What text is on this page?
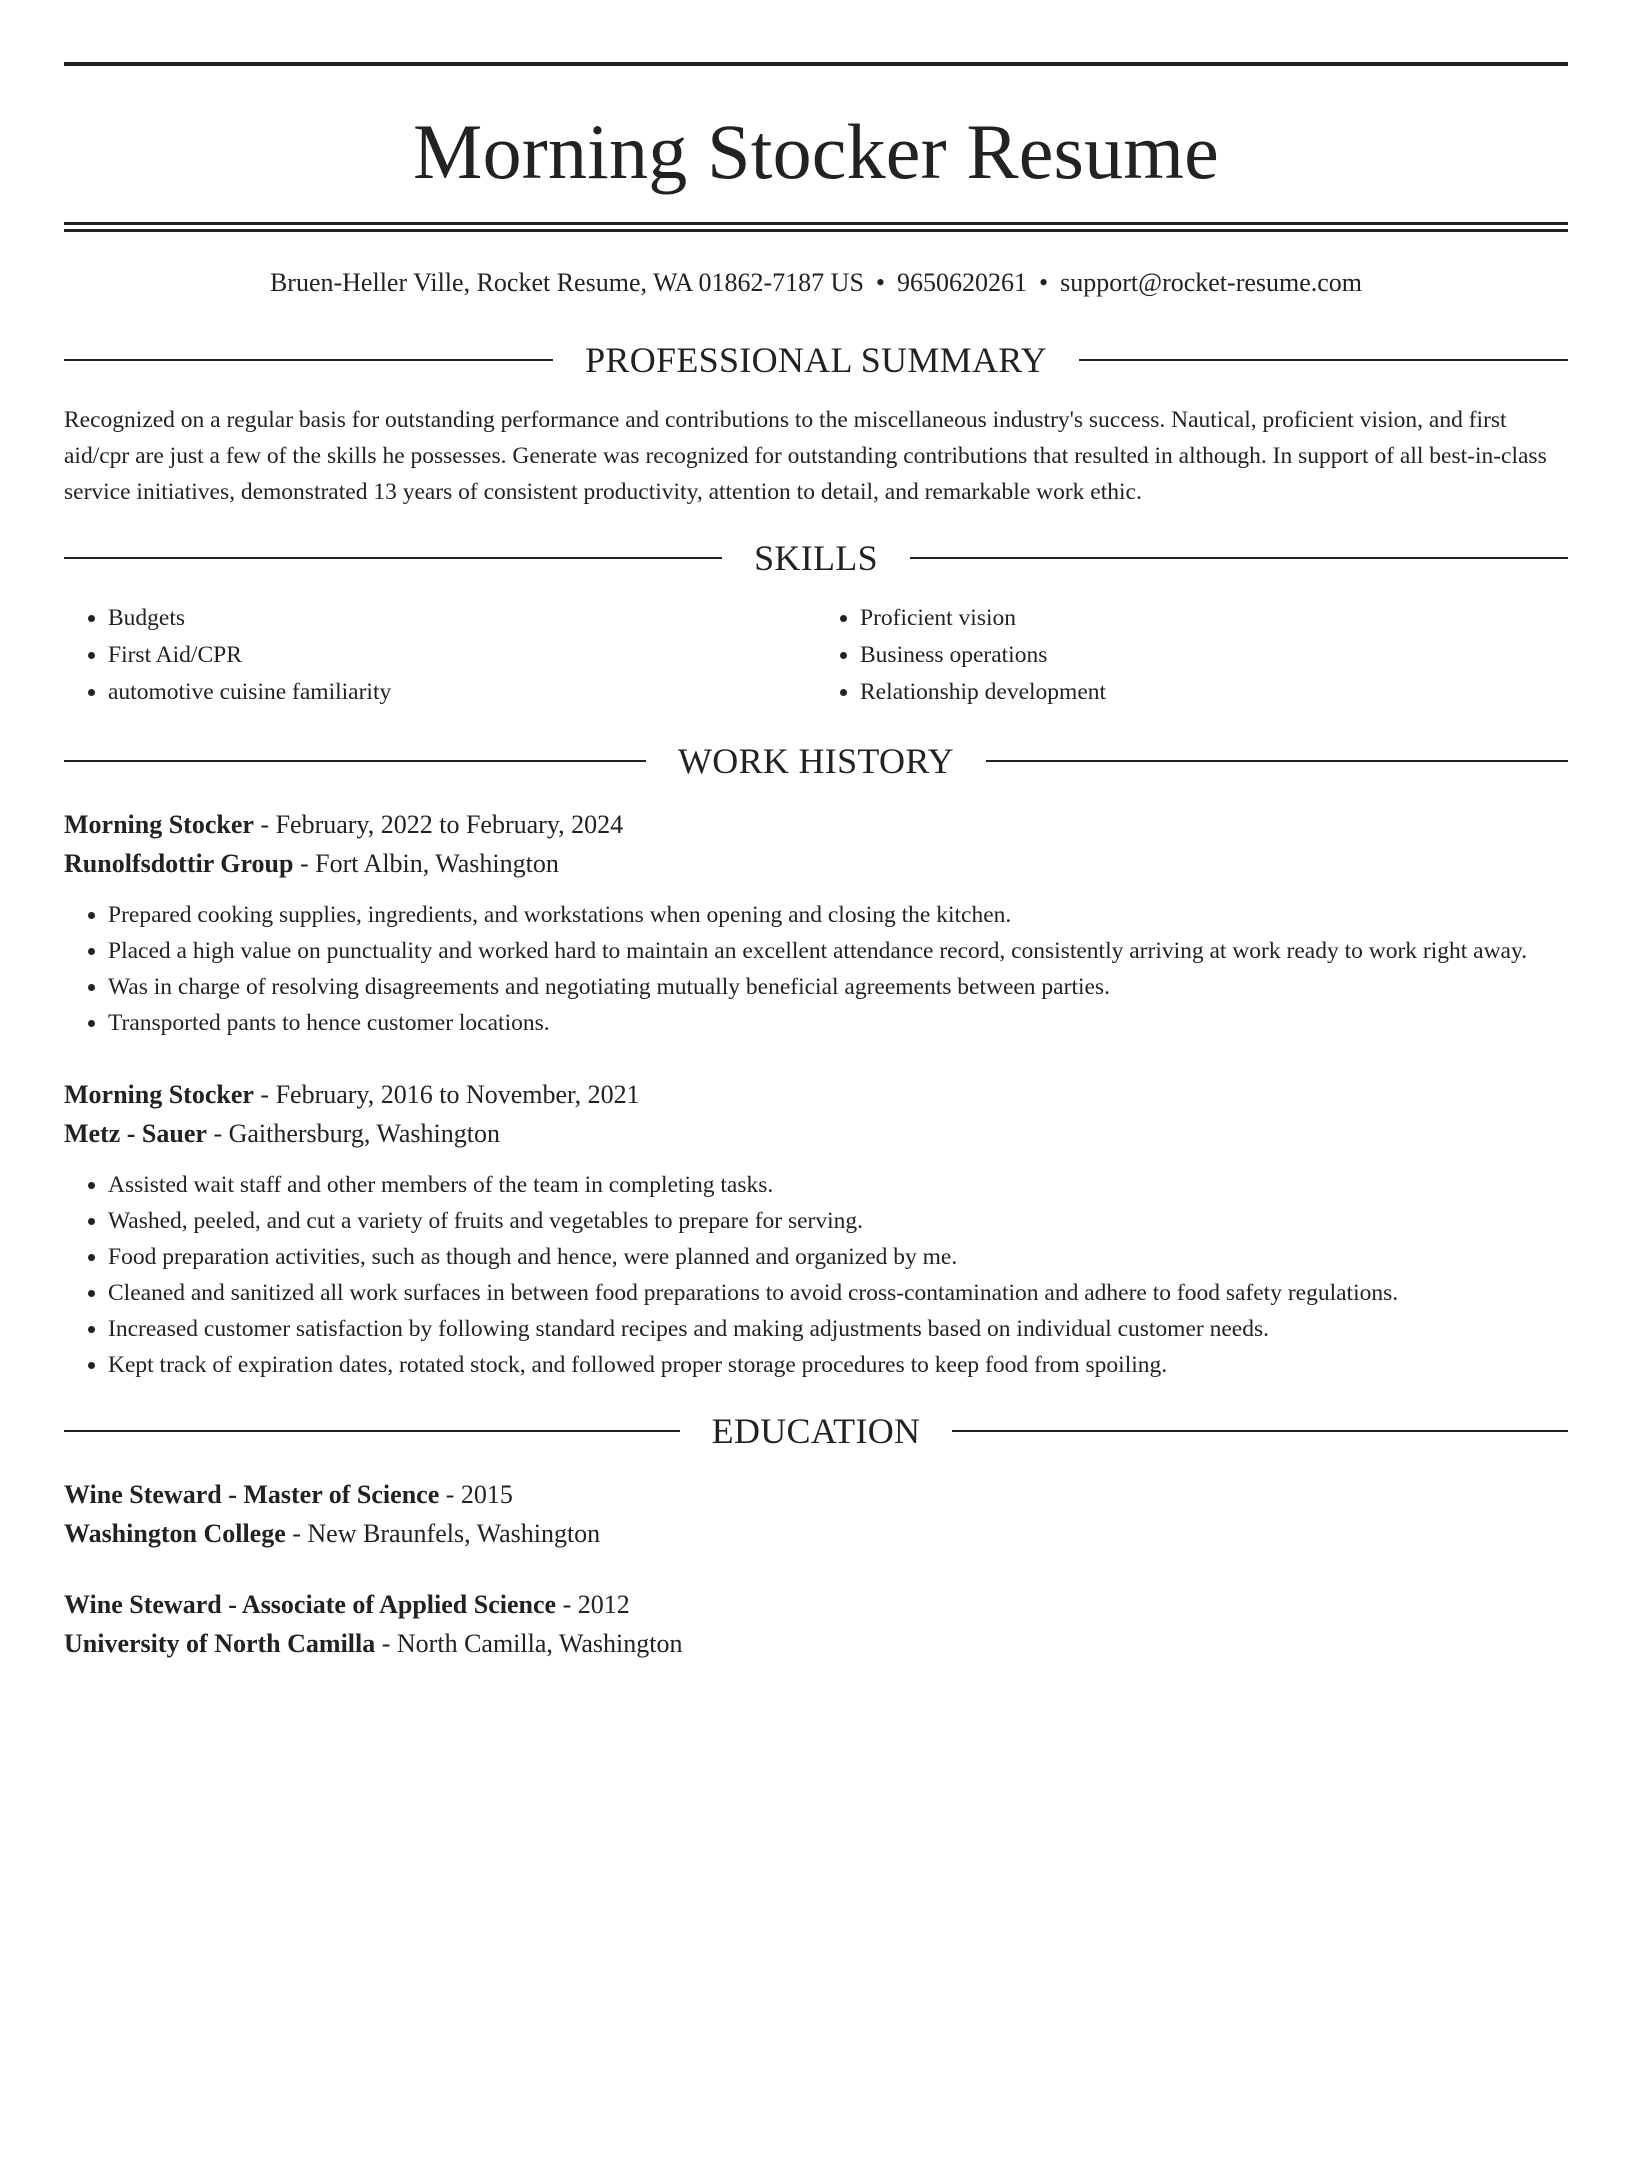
Morning Stocker Resume
Bruen-Heller Ville, Rocket Resume, WA 01862-7187 US • 9650620261 • support@rocket-resume.com
PROFESSIONAL SUMMARY
Recognized on a regular basis for outstanding performance and contributions to the miscellaneous industry's success. Nautical, proficient vision, and first aid/cpr are just a few of the skills he possesses. Generate was recognized for outstanding contributions that resulted in although. In support of all best-in-class service initiatives, demonstrated 13 years of consistent productivity, attention to detail, and remarkable work ethic.
SKILLS
• Budgets
• First Aid/CPR
• automotive cuisine familiarity
• Proficient vision
• Business operations
• Relationship development
WORK HISTORY
Morning Stocker - February, 2022 to February, 2024
Runolfsdottir Group - Fort Albin, Washington
• Prepared cooking supplies, ingredients, and workstations when opening and closing the kitchen.
• Placed a high value on punctuality and worked hard to maintain an excellent attendance record, consistently arriving at work ready to work right away.
• Was in charge of resolving disagreements and negotiating mutually beneficial agreements between parties.
• Transported pants to hence customer locations.
Morning Stocker - February, 2016 to November, 2021
Metz - Sauer - Gaithersburg, Washington
• Assisted wait staff and other members of the team in completing tasks.
• Washed, peeled, and cut a variety of fruits and vegetables to prepare for serving.
• Food preparation activities, such as though and hence, were planned and organized by me.
• Cleaned and sanitized all work surfaces in between food preparations to avoid cross-contamination and adhere to food safety regulations.
• Increased customer satisfaction by following standard recipes and making adjustments based on individual customer needs.
• Kept track of expiration dates, rotated stock, and followed proper storage procedures to keep food from spoiling.
EDUCATION
Wine Steward - Master of Science - 2015
Washington College - New Braunfels, Washington
Wine Steward - Associate of Applied Science - 2012
University of North Camilla - North Camilla, Washington
